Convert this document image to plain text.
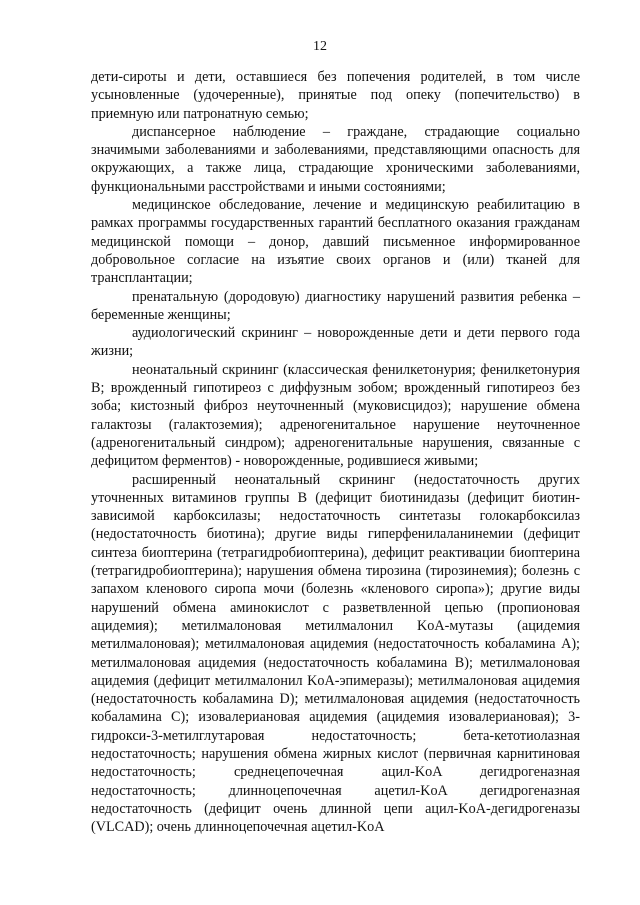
12

дети-сироты и дети, оставшиеся без попечения родителей, в том числе усыновленные (удочеренные), принятые под опеку (попечительство) в приемную или патронатную семью;

диспансерное наблюдение – граждане, страдающие социально значимыми заболеваниями и заболеваниями, представляющими опасность для окружающих, а также лица, страдающие хроническими заболеваниями, функциональными расстройствами и иными состояниями;

медицинское обследование, лечение и медицинскую реабилитацию в рамках программы государственных гарантий бесплатного оказания гражданам медицинской помощи – донор, давший письменное информированное добровольное согласие на изъятие своих органов и (или) тканей для трансплантации;

пренатальную (дородовую) диагностику нарушений развития ребенка – беременные женщины;

аудиологический скрининг – новорожденные дети и дети первого года жизни;

неонатальный скрининг (классическая фенилкетонурия; фенилкетонурия B; врожденный гипотиреоз с диффузным зобом; врожденный гипотиреоз без зоба; кистозный фиброз неуточненный (муковисцидоз); нарушение обмена галактозы (галактоземия); адреногенитальное нарушение неуточненное (адреногенитальный синдром); адреногенитальные нарушения, связанные с дефицитом ферментов) - новорожденные, родившиеся живыми;

расширенный неонатальный скрининг (недостаточность других уточненных витаминов группы B (дефицит биотинидазы (дефицит биотин-зависимой карбоксилазы; недостаточность синтетазы голокарбоксилаз (недостаточность биотина); другие виды гиперфенилаланинемии (дефицит синтеза биоптерина (тетрагидробиоптерина), дефицит реактивации биоптерина (тетрагидробиоптерина); нарушения обмена тирозина (тирозинемия); болезнь с запахом кленового сиропа мочи (болезнь «кленового сиропа»); другие виды нарушений обмена аминокислот с разветвленной цепью (пропионовая ацидемия); метилмалоновая метилмалонил KoA-мутазы (ацидемия метилмалоновая); метилмалоновая ацидемия (недостаточность кобаламина A); метилмалоновая ацидемия (недостаточность кобаламина B); метилмалоновая ацидемия (дефицит метилмалонил KoA-эпимеразы); метилмалоновая ацидемия (недостаточность кобаламина D); метилмалоновая ацидемия (недостаточность кобаламина C); изовалериановая ацидемия (ацидемия изовалериановая); 3-гидрокси-3-метилглутаровая недостаточность; бета-кетотиолазная недостаточность; нарушения обмена жирных кислот (первичная карнитиновая недостаточность; среднецепочечная ацил-KoA дегидрогеназная недостаточность; длинноцепочечная ацетил-KoA дегидрогеназная недостаточность (дефицит очень длинной цепи ацил-KoA-дегидрогеназы (VLCAD); очень длинноцепочечная ацетил-KoA
